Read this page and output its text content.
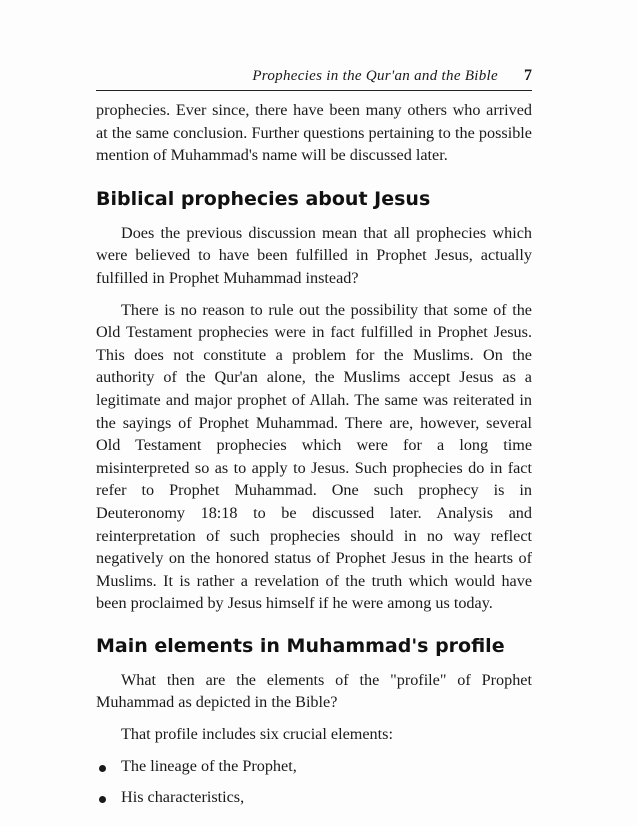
Prophecies in the Qur'an and the Bible 7

prophecies. Ever since, there have been many others who arrived at the same conclusion. Further questions pertaining to the possible mention of Muhammad's name will be discussed later.

Biblical prophecies about Jesus

Does the previous discussion mean that all prophecies which were believed to have been fulfilled in Prophet Jesus, actually fulfilled in Prophet Muhammad instead?

There is no reason to rule out the possibility that some of the Old Testament prophecies were in fact fulfilled in Prophet Jesus. This does not constitute a problem for the Muslims. On the authority of the Qur'an alone, the Muslims accept Jesus as a legitimate and major prophet of Allah. The same was reiterated in the sayings of Prophet Muhammad. There are, however, several Old Testament prophecies which were for a long time misinterpreted so as to apply to Jesus. Such prophecies do in fact refer to Prophet Muhammad. One such prophecy is in Deuteronomy 18:18 to be discussed later. Analysis and reinterpretation of such prophecies should in no way reflect negatively on the honored status of Prophet Jesus in the hearts of Muslims. It is rather a revelation of the truth which would have been proclaimed by Jesus himself if he were among us today.

Main elements in Muhammad's profile

What then are the elements of the "profile" of Prophet Muhammad as depicted in the Bible?

That profile includes six crucial elements:

The lineage of the Prophet,
His characteristics,
